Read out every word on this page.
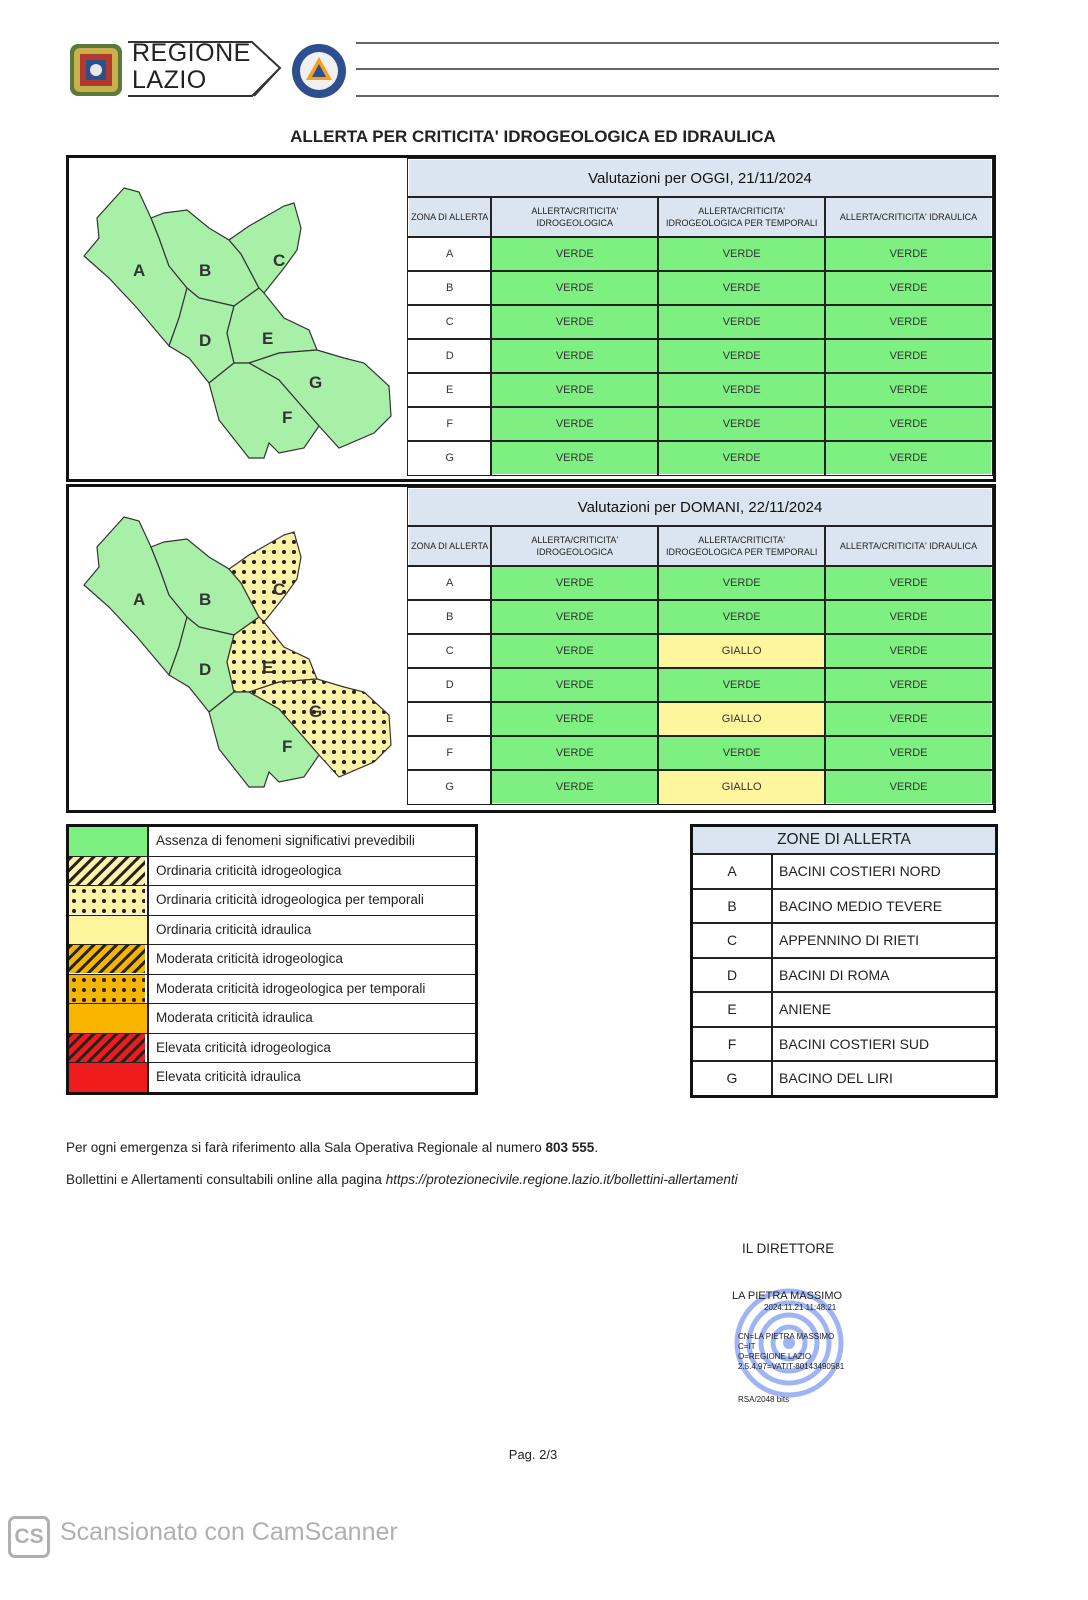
REGIONE
LAZIO
ALLERTA PER CRITICITA' IDROGEOLOGICA ED IDRAULICA
A	B
C
D	E
G
F
Valutazioni per OGGI, 21/11/2024			
ZONA DI ALLERTA	ALLERTA/CRITICITA' IDROGEOLOGICA	ALLERTA/CRITICITA' IDROGEOLOGICA PER TEMPORALI	ALLERTA/CRITICITA' IDRAULICA
A	VERDE	VERDE	VERDE
B	VERDE	VERDE	VERDE
C	VERDE	VERDE	VERDE
D	VERDE	VERDE	VERDE
E	VERDE	VERDE	VERDE
F	VERDE	VERDE	VERDE
G	VERDE	VERDE	VERDE
A	B
C
D	E
G
F
Valutazioni per DOMANI, 22/11/2024			
ZONA DI ALLERTA	ALLERTA/CRITICITA' IDROGEOLOGICA	ALLERTA/CRITICITA' IDROGEOLOGICA PER TEMPORALI	ALLERTA/CRITICITA' IDRAULICA
A	VERDE	VERDE	VERDE
B	VERDE	VERDE	VERDE
C	VERDE	GIALLO	VERDE
D	VERDE	VERDE	VERDE
E	VERDE	GIALLO	VERDE
F	VERDE	VERDE	VERDE
G	VERDE	GIALLO	VERDE
Assenza di fenomeni significativi prevedibili
Ordinaria criticità idrogeologica
Ordinaria criticità idrogeologica per temporali
Ordinaria criticità idraulica
Moderata criticità idrogeologica
Moderata criticità idrogeologica per temporali
Moderata criticità idraulica
Elevata criticità idrogeologica
Elevata criticità idraulica
ZONE DI ALLERTA
A	BACINI COSTIERI NORD
B	BACINO MEDIO TEVERE
C	APPENNINO DI RIETI
D	BACINI DI ROMA
E	ANIENE
F	BACINI COSTIERI SUD
G	BACINO DEL LIRI
Per ogni emergenza si farà riferimento alla Sala Operativa Regionale al numero 803 555.
Bollettini e Allertamenti consultabili online alla pagina https://protezionecivile.regione.lazio.it/bollettini-allertamenti
IL DIRETTORE
LA PIETRA MASSIMO
2024.11.21 11:48:21
CN=LA PIETRA MASSIMO
C=IT
O=REGIONE LAZIO
2.5.4.97=VATIT-80143490581
RSA/2048 bits
Pag. 2/3
CS Scansionato con CamScanner
